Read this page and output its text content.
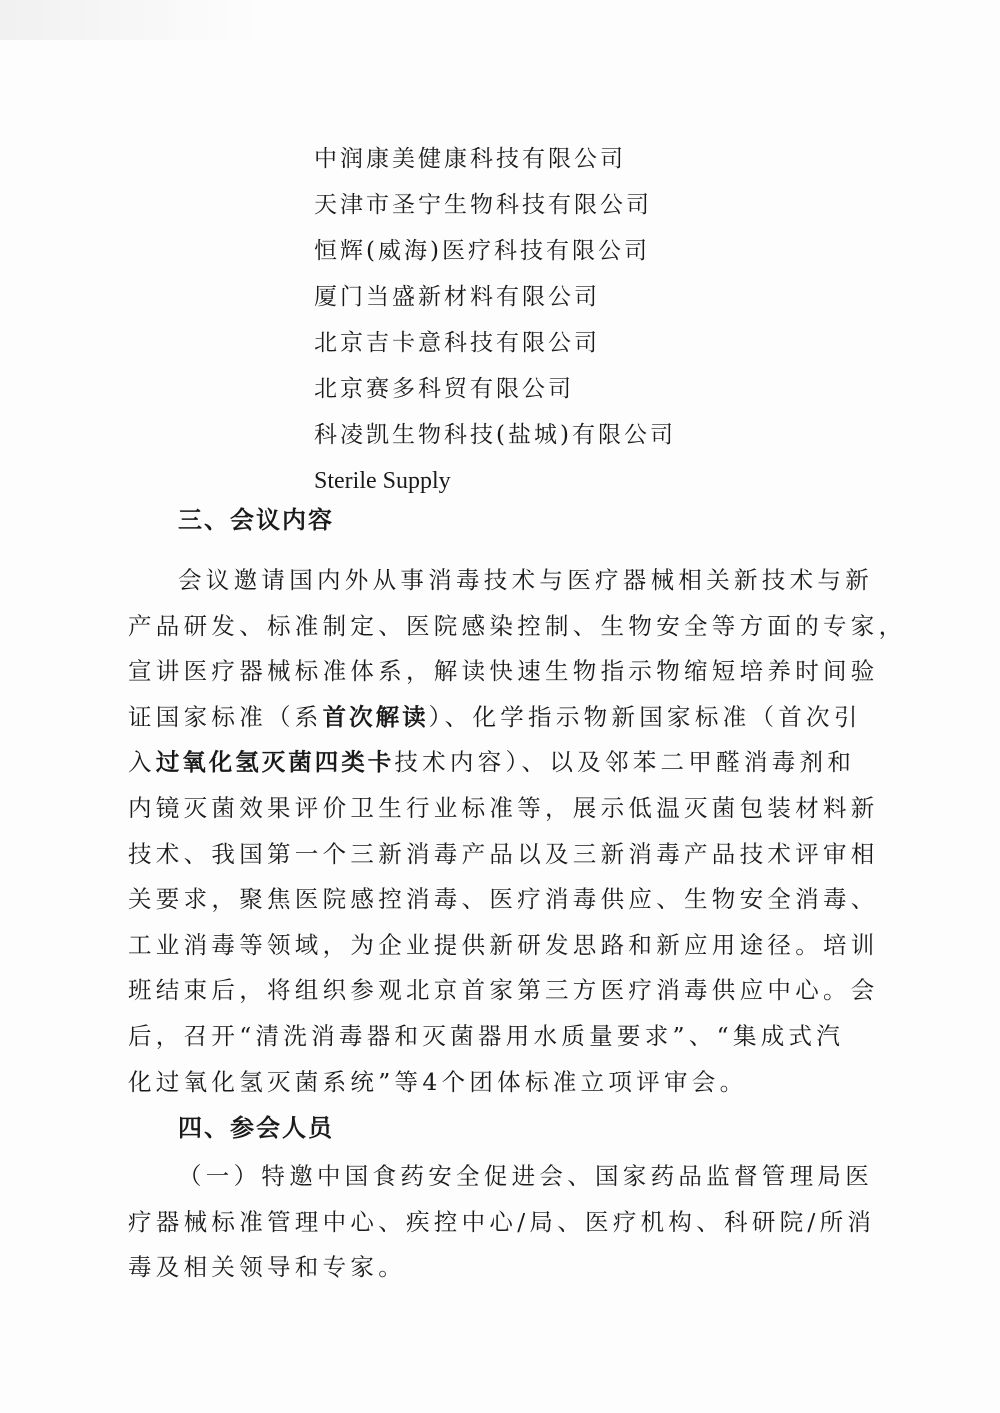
中润康美健康科技有限公司
天津市圣宁生物科技有限公司
恒辉(威海)医疗科技有限公司
厦门当盛新材料有限公司
北京吉卡意科技有限公司
北京赛多科贸有限公司
科凌凯生物科技(盐城)有限公司
Sterile Supply
三、会议内容
会议邀请国内外从事消毒技术与医疗器械相关新技术与新
产品研发、标准制定、医院感染控制、生物安全等方面的专家，
宣讲医疗器械标准体系，解读快速生物指示物缩短培养时间验
证国家标准（系首次解读）、化学指示物新国家标准（首次引
入过氧化氢灭菌四类卡技术内容）、以及邻苯二甲醛消毒剂和
内镜灭菌效果评价卫生行业标准等，展示低温灭菌包装材料新
技术、我国第一个三新消毒产品以及三新消毒产品技术评审相
关要求，聚焦医院感控消毒、医疗消毒供应、生物安全消毒、
工业消毒等领域，为企业提供新研发思路和新应用途径。培训
班结束后，将组织参观北京首家第三方医疗消毒供应中心。会
后，召开“清洗消毒器和灭菌器用水质量要求”、“集成式汽
化过氧化氢灭菌系统”等4个团体标准立项评审会。
四、参会人员
（一）特邀中国食药安全促进会、国家药品监督管理局医
疗器械标准管理中心、疾控中心/局、医疗机构、科研院/所消
毒及相关领导和专家。
